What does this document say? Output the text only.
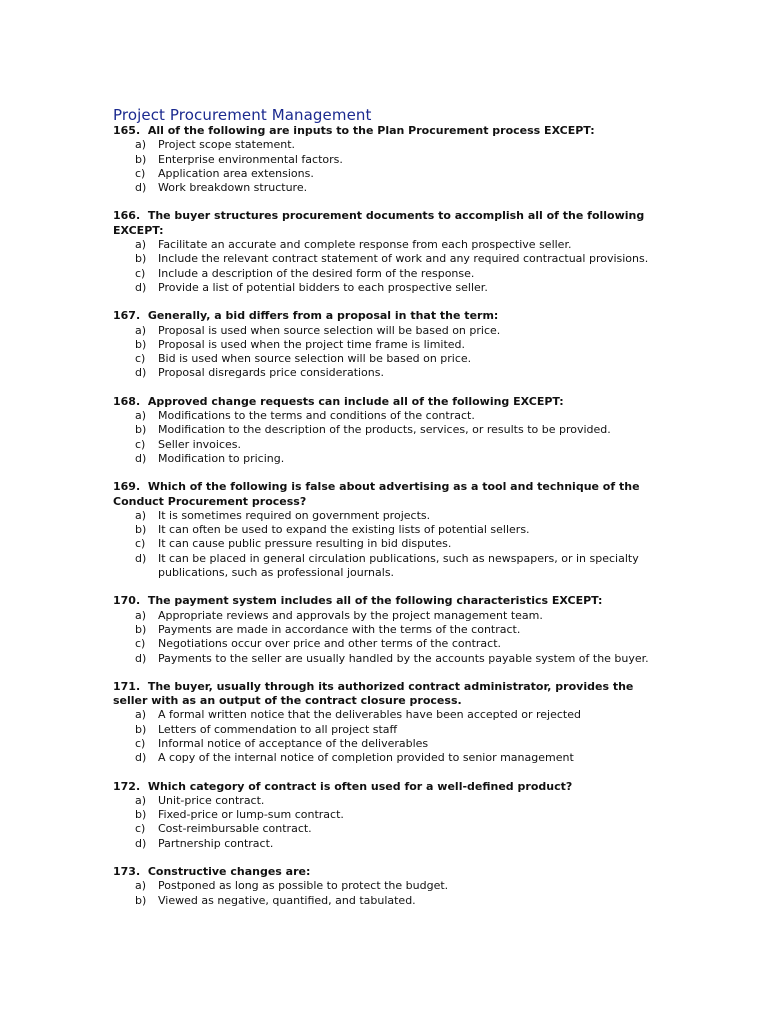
Project Procurement Management
165. All of the following are inputs to the Plan Procurement process EXCEPT:
a) Project scope statement.
b) Enterprise environmental factors.
c) Application area extensions.
d) Work breakdown structure.
166. The buyer structures procurement documents to accomplish all of the following EXCEPT:
a) Facilitate an accurate and complete response from each prospective seller.
b) Include the relevant contract statement of work and any required contractual provisions.
c) Include a description of the desired form of the response.
d) Provide a list of potential bidders to each prospective seller.
167. Generally, a bid differs from a proposal in that the term:
a) Proposal is used when source selection will be based on price.
b) Proposal is used when the project time frame is limited.
c) Bid is used when source selection will be based on price.
d) Proposal disregards price considerations.
168. Approved change requests can include all of the following EXCEPT:
a) Modifications to the terms and conditions of the contract.
b) Modification to the description of the products, services, or results to be provided.
c) Seller invoices.
d) Modification to pricing.
169. Which of the following is false about advertising as a tool and technique of the Conduct Procurement process?
a) It is sometimes required on government projects.
b) It can often be used to expand the existing lists of potential sellers.
c) It can cause public pressure resulting in bid disputes.
d) It can be placed in general circulation publications, such as newspapers, or in specialty publications, such as professional journals.
170. The payment system includes all of the following characteristics EXCEPT:
a) Appropriate reviews and approvals by the project management team.
b) Payments are made in accordance with the terms of the contract.
c) Negotiations occur over price and other terms of the contract.
d) Payments to the seller are usually handled by the accounts payable system of the buyer.
171. The buyer, usually through its authorized contract administrator, provides the seller with as an output of the contract closure process.
a) A formal written notice that the deliverables have been accepted or rejected
b) Letters of commendation to all project staff
c) Informal notice of acceptance of the deliverables
d) A copy of the internal notice of completion provided to senior management
172. Which category of contract is often used for a well-defined product?
a) Unit-price contract.
b) Fixed-price or lump-sum contract.
c) Cost-reimbursable contract.
d) Partnership contract.
173. Constructive changes are:
a) Postponed as long as possible to protect the budget.
b) Viewed as negative, quantified, and tabulated.
